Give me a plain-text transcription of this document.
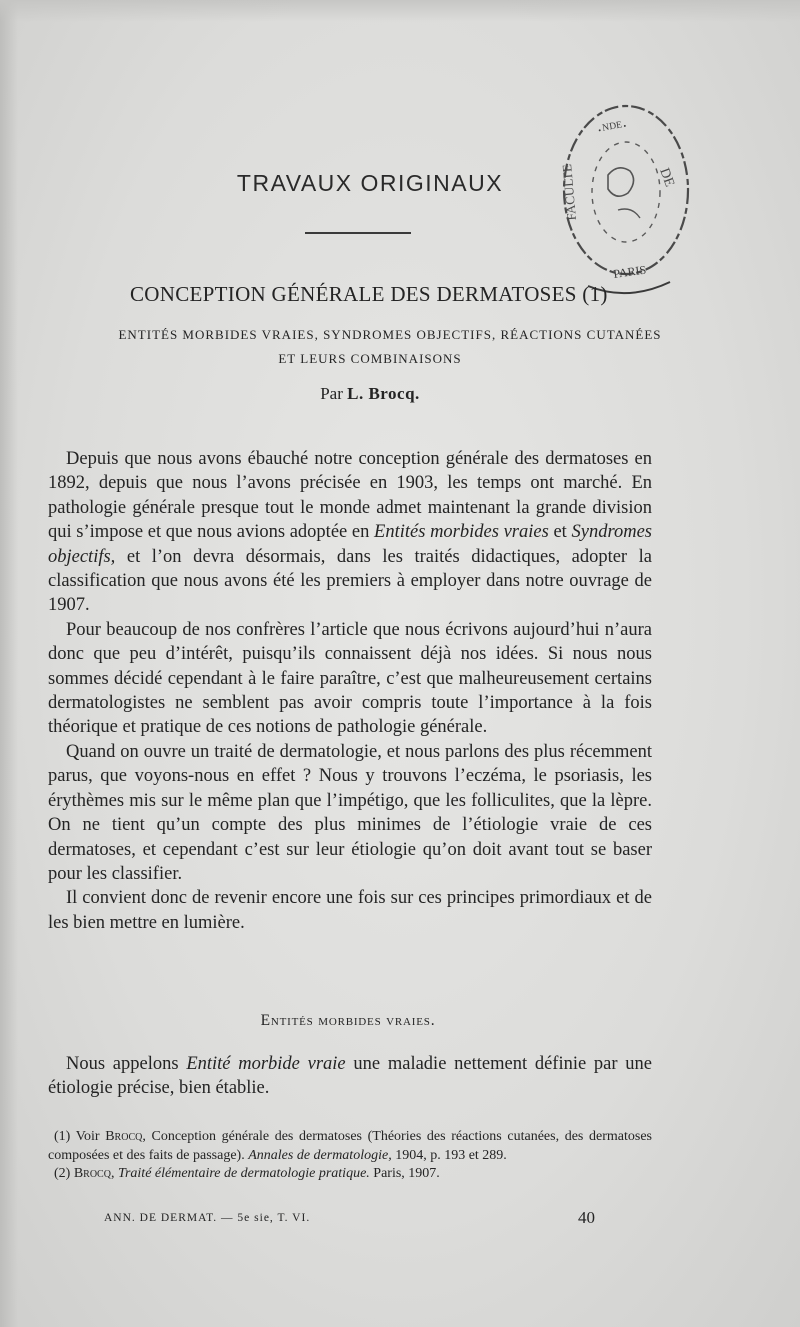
TRAVAUX ORIGINAUX
·ᴺᴰᴱ·
DE
FACULTE
PARIS
CONCEPTION GÉNÉRALE DES DERMATOSES (1)
ENTITÉS MORBIDES VRAIES, SYNDROMES OBJECTIFS, RÉACTIONS CUTANÉES
ET LEURS COMBINAISONS
Par L. Brocq.

Depuis que nous avons ébauché notre conception générale des dermatoses en 1892, depuis que nous l’avons précisée en 1903, les temps ont marché. En pathologie générale presque tout le monde admet maintenant la grande division qui s’impose et que nous avions adoptée en Entités morbides vraies et Syndromes objectifs, et l’on devra désormais, dans les traités didactiques, adopter la classification que nous avons été les premiers à employer dans notre ouvrage de 1907.

Pour beaucoup de nos confrères l’article que nous écrivons aujourd’hui n’aura donc que peu d’intérêt, puisqu’ils connaissent déjà nos idées. Si nous nous sommes décidé cependant à le faire paraître, c’est que malheureusement certains dermatologistes ne semblent pas avoir compris toute l’importance à la fois théorique et pratique de ces notions de pathologie générale.

Quand on ouvre un traité de dermatologie, et nous parlons des plus récemment parus, que voyons-nous en effet ? Nous y trouvons l’eczéma, le psoriasis, les érythèmes mis sur le même plan que l’impétigo, que les folliculites, que la lèpre. On ne tient qu’un compte des plus minimes de l’étiologie vraie de ces dermatoses, et cependant c’est sur leur étiologie qu’on doit avant tout se baser pour les classifier.

Il convient donc de revenir encore une fois sur ces principes primordiaux et de les bien mettre en lumière.

Entités morbides vraies.

Nous appelons Entité morbide vraie une maladie nettement définie par une étiologie précise, bien établie.

(1) Voir Brocq, Conception générale des dermatoses (Théories des réactions cutanées, des dermatoses composées et des faits de passage). Annales de dermatologie, 1904, p. 193 et 289.

(2) Brocq, Traité élémentaire de dermatologie pratique. Paris, 1907.

ANN. DE DERMAT. — 5e sie, T. VI.	40
